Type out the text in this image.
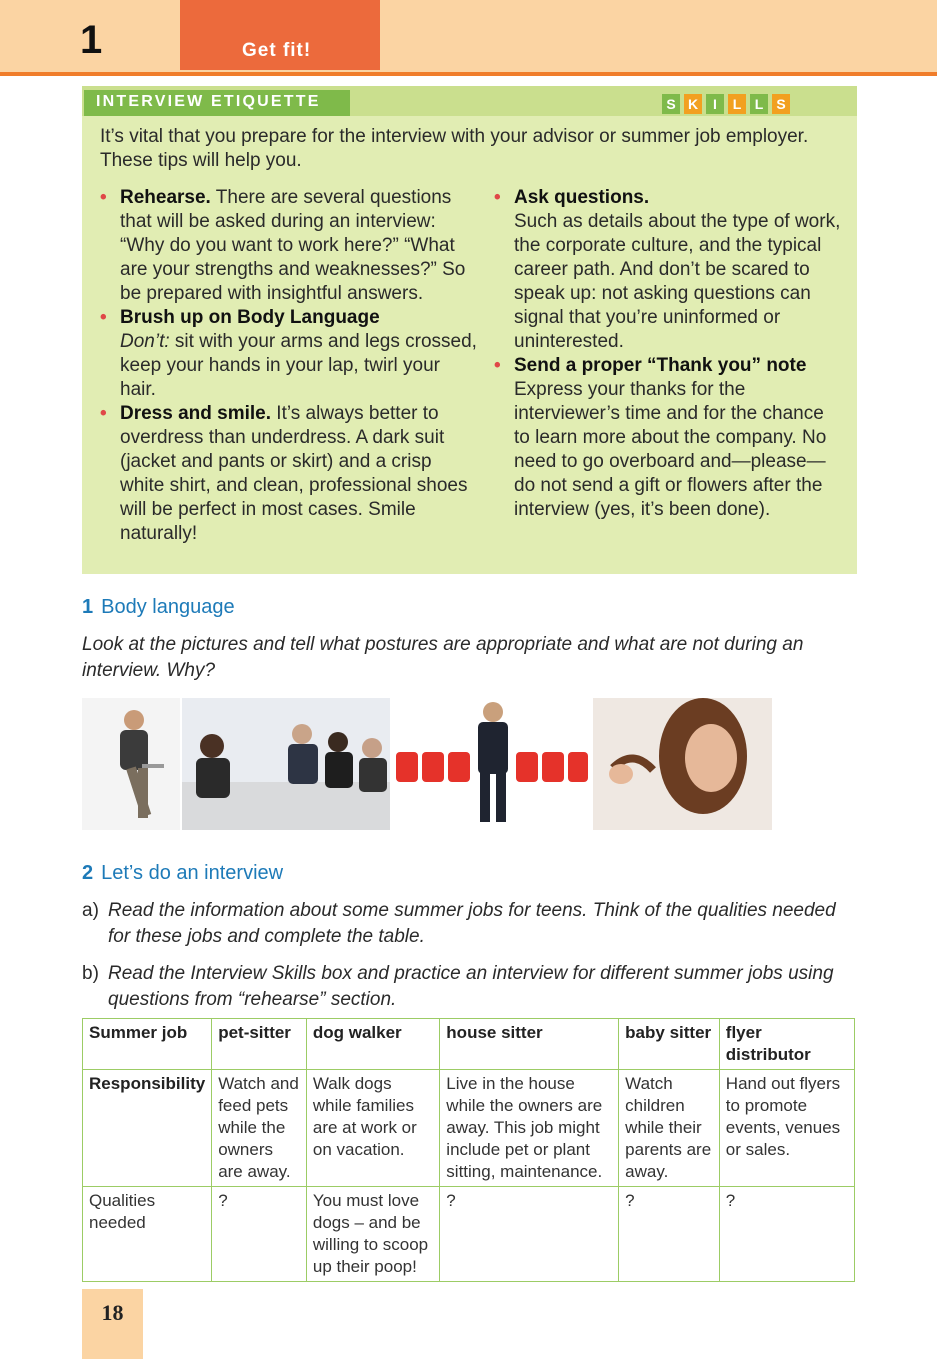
1	Get fit!
INTERVIEW ETIQUETTE	S K	I	L L S
It’s vital that you prepare for the interview with your advisor or summer job employer. These tips will help you.
• Rehearse. There are several questions that will be asked during an interview: “Why do you want to work here?” “What are your strengths and weaknesses?” So be prepared with insightful answers.
• Brush up on Body Language
Don’t: sit with your arms and legs crossed, keep your hands in your lap, twirl your hair.
• Dress and smile. It’s always better to overdress than underdress. A dark suit (jacket and pants or skirt) and a crisp white shirt, and clean, professional shoes will be perfect in most cases. Smile naturally!
• Ask questions.
Such as details about the type of work, the corporate culture, and the typical career path. And don’t be scared to speak up: not asking questions can signal that you’re uninformed or uninterested.
• Send a proper “Thank you” note
Express your thanks for the interviewer’s time and for the chance to learn more about the company. No need to go overboard and—please—do not send a gift or flowers after the interview (yes, it’s been done).
1 Body language
Look at the pictures and tell what postures are appropriate and what are not during an interview. Why?
2 Let’s do an interview
a) Read the information about some summer jobs for teens. Think of the qualities needed for these jobs and complete the table.
b) Read the Interview Skills box and practice an interview for different summer jobs using questions from “rehearse” section.
Summer job	pet-sitter	dog walker	house sitter	baby sitter	flyer distributor
Responsibility	Watch and feed pets while the owners are away.	Walk dogs while families are at work or on vacation.	Live in the house while the owners are away. This job might include pet or plant sitting, maintenance.	Watch children while their parents are away.	Hand out flyers to promote events, venues or sales.
Qualities needed	?	You must love dogs – and be willing to scoop up their poop!	?	?	?
18
